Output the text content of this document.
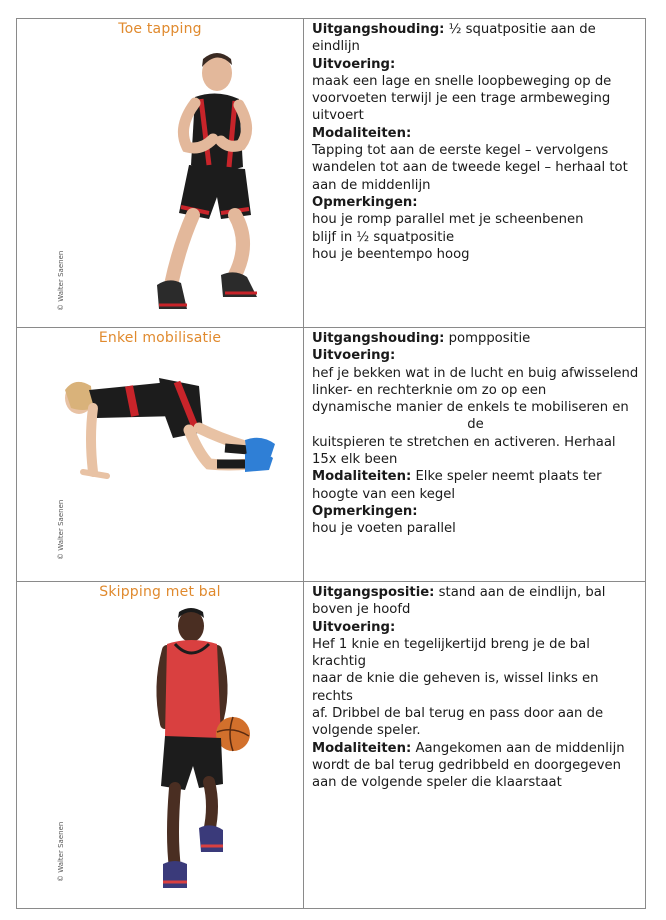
Toe tapping
© Walter Saenen

Uitgangshouding: ½ squatpositie aan de eindlijn

Uitvoering:

maak een lage en snelle loopbeweging op de

voorvoeten terwijl je een trage armbeweging

uitvoert

Modaliteiten:

Tapping tot aan de eerste kegel – vervolgens

wandelen tot aan de tweede kegel – herhaal tot

aan de middenlijn

Opmerkingen:

hou je romp parallel met je scheenbenen

blijf in ½ squatpositie

hou je beentempo hoog

Enkel mobilisatie
© Walter Saenen

Uitgangshouding: pomppositie

Uitvoering:

hef je bekken wat in de lucht en buig afwisselend

linker- en rechterknie om zo op een

dynamische manier de enkels te mobiliseren en

de

kuitspieren te stretchen en activeren. Herhaal

15x elk been

Modaliteiten: Elke speler neemt plaats ter

hoogte van een kegel

Opmerkingen:

hou je voeten parallel

Skipping met bal
© Walter Saenen

Uitgangspositie: stand aan de eindlijn, bal

boven je hoofd

Uitvoering:

Hef 1 knie en tegelijkertijd breng je de bal krachtig

naar de knie die geheven is, wissel links en rechts

af. Dribbel de bal terug en pass door aan de

volgende speler.

Modaliteiten: Aangekomen aan de middenlijn

wordt de bal terug gedribbeld en doorgegeven

aan de volgende speler die klaarstaat
